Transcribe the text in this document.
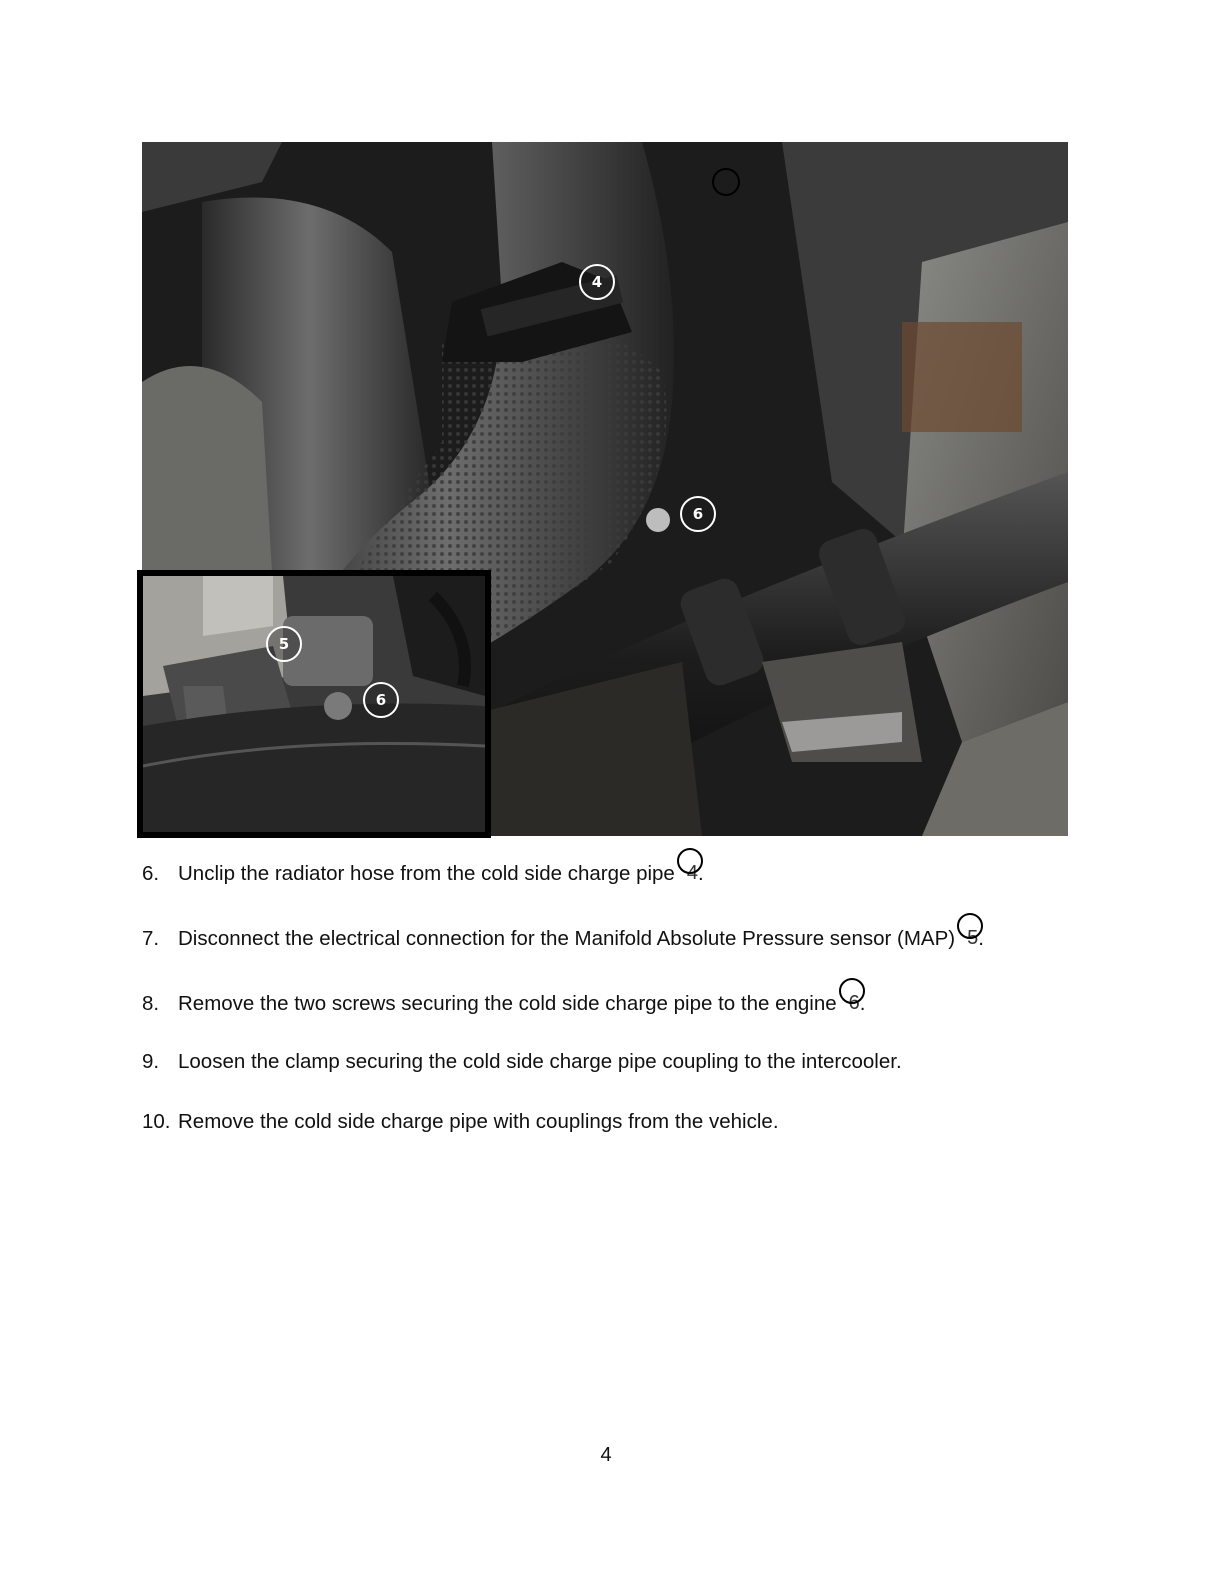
4
6
5
6
6. Unclip the radiator hose from the cold side charge pipe 4 .
7. Disconnect the electrical connection for the Manifold Absolute Pressure sensor (MAP) 5 .
8. Remove the two screws securing the cold side charge pipe to the engine 6 .
9. Loosen the clamp securing the cold side charge pipe coupling to the intercooler.
10. Remove the cold side charge pipe with couplings from the vehicle.
4
